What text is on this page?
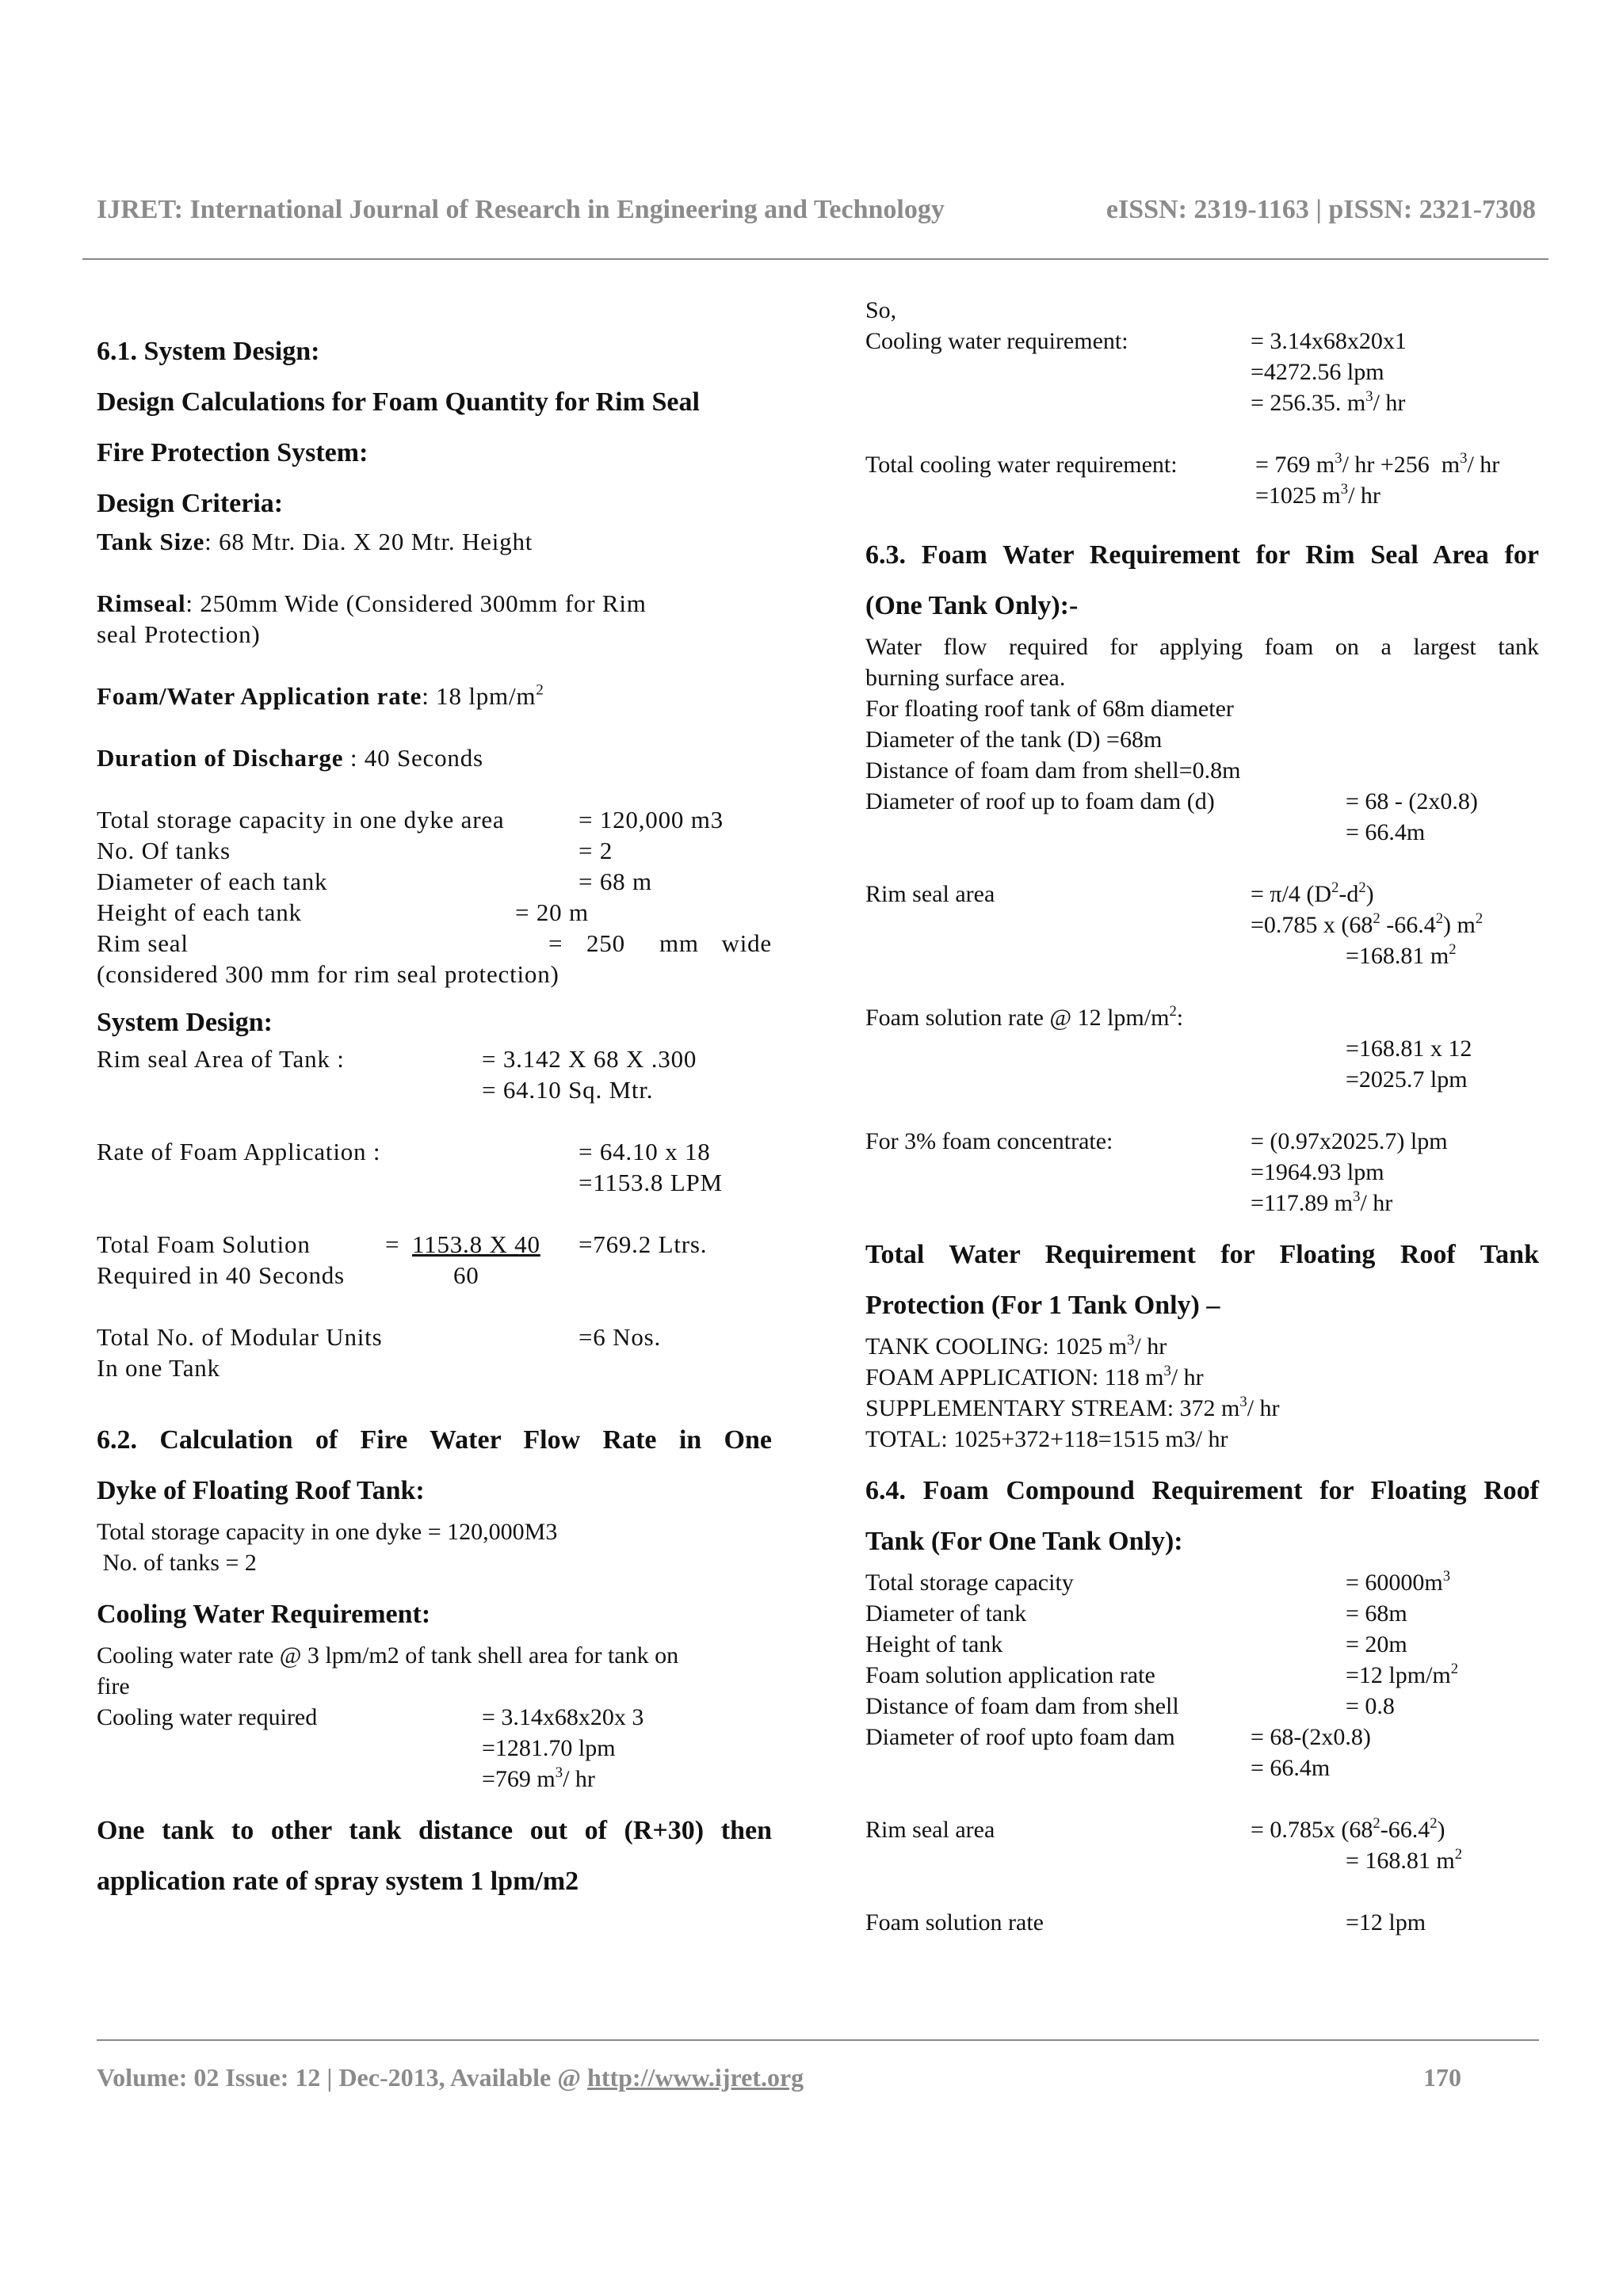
IJRET: International Journal of Research in Engineering and Technology	eISSN: 2319-1163 | pISSN: 2321-7308
6.1. System Design:
Design Calculations for Foam Quantity for Rim Seal
Fire Protection System:
Design Criteria:
Tank Size: 68 Mtr. Dia. X 20 Mtr. Height
Rimseal: 250mm Wide (Considered 300mm for Rim
seal Protection)
Foam/Water Application rate: 18 lpm/$m^2$
Duration of Discharge : 40 Seconds
Total storage capacity in one dyke area	= 120,000 m3
No. Of tanks	= 2
Diameter of each tank	= 68 m
Height of each tank	= 20 m
Rim seal	= 250 mm wide
(considered 300 mm for rim seal protection)
System Design:
Rim seal Area of Tank :	= 3.142 X 68 X .300
= 64.10 Sq. Mtr.
Rate of Foam Application :	= 64.10 x 18
=1153.8 LPM
Total Foam Solution	= 1153.8 X 40 =769.2 Ltrs.
Required in 40 Seconds	60
Total No. of Modular Units	=6 Nos.
In one Tank
6.2. Calculation of Fire Water Flow Rate in One
Dyke of Floating Roof Tank:
Total storage capacity in one dyke = 120,000M3
No. of tanks = 2
Cooling Water Requirement:
Cooling water rate @ 3 lpm/m2 of tank shell area for tank on
fire
Cooling water required	= 3.14x68x20x 3
=1281.70 lpm
=769 $m^3/$ hr
One tank to other tank distance out of (R+30) then
application rate of spray system 1 lpm/m2
So,
Cooling water requirement:	= 3.14x68x20x1
=4272.56 lpm
= 256.35. $m^3/$ hr
Total cooling water requirement:	= 769 $m^3/$ hr +256  $m^3/$ hr
=1025 $m^3/$ hr
6.3. Foam Water Requirement for Rim Seal Area for
(One Tank Only):-
Water flow required for applying foam on a largest tank
burning surface area.
For floating roof tank of 68m diameter
Diameter of the tank (D) =68m
Distance of foam dam from shell=0.8m
Diameter of roof up to foam dam (d)	= 68 - (2x0.8)
= 66.4m
Rim seal area	= π/4 $(D^2-d^2)$
=0.785 x ($68^2$ -66.4$^2$) $m^2$
=168.81 $m^2$
Foam solution rate @ 12 lpm/$m^2$:
=168.81 x 12
=2025.7 lpm
For 3% foam concentrate:	= (0.97x2025.7) lpm
=1964.93 lpm
=117.89 $m^3/$ hr
Total Water Requirement for Floating Roof Tank
Protection (For 1 Tank Only) –
TANK COOLING: 1025 $m^3/$ hr
FOAM APPLICATION: 118 $m^3/$ hr
SUPPLEMENTARY STREAM: 372 $m^3/$ hr
TOTAL: 1025+372+118=1515 m3/ hr
6.4. Foam Compound Requirement for Floating Roof
Tank (For One Tank Only):
Total storage capacity	= $60000m^3$
Diameter of tank	= 68m
Height of tank	= 20m
Foam solution application rate	=12 lpm/$m^2$
Distance of foam dam from shell	= 0.8
Diameter of roof upto foam dam	= 68-(2x0.8)
= 66.4m
Rim seal area	= 0.785x $(68^2-66.4^2)$
= 168.81 $m^2$
Foam solution rate	=12 lpm
Volume: 02 Issue: 12 | Dec-2013, Available @ http://www.ijret.org	170
